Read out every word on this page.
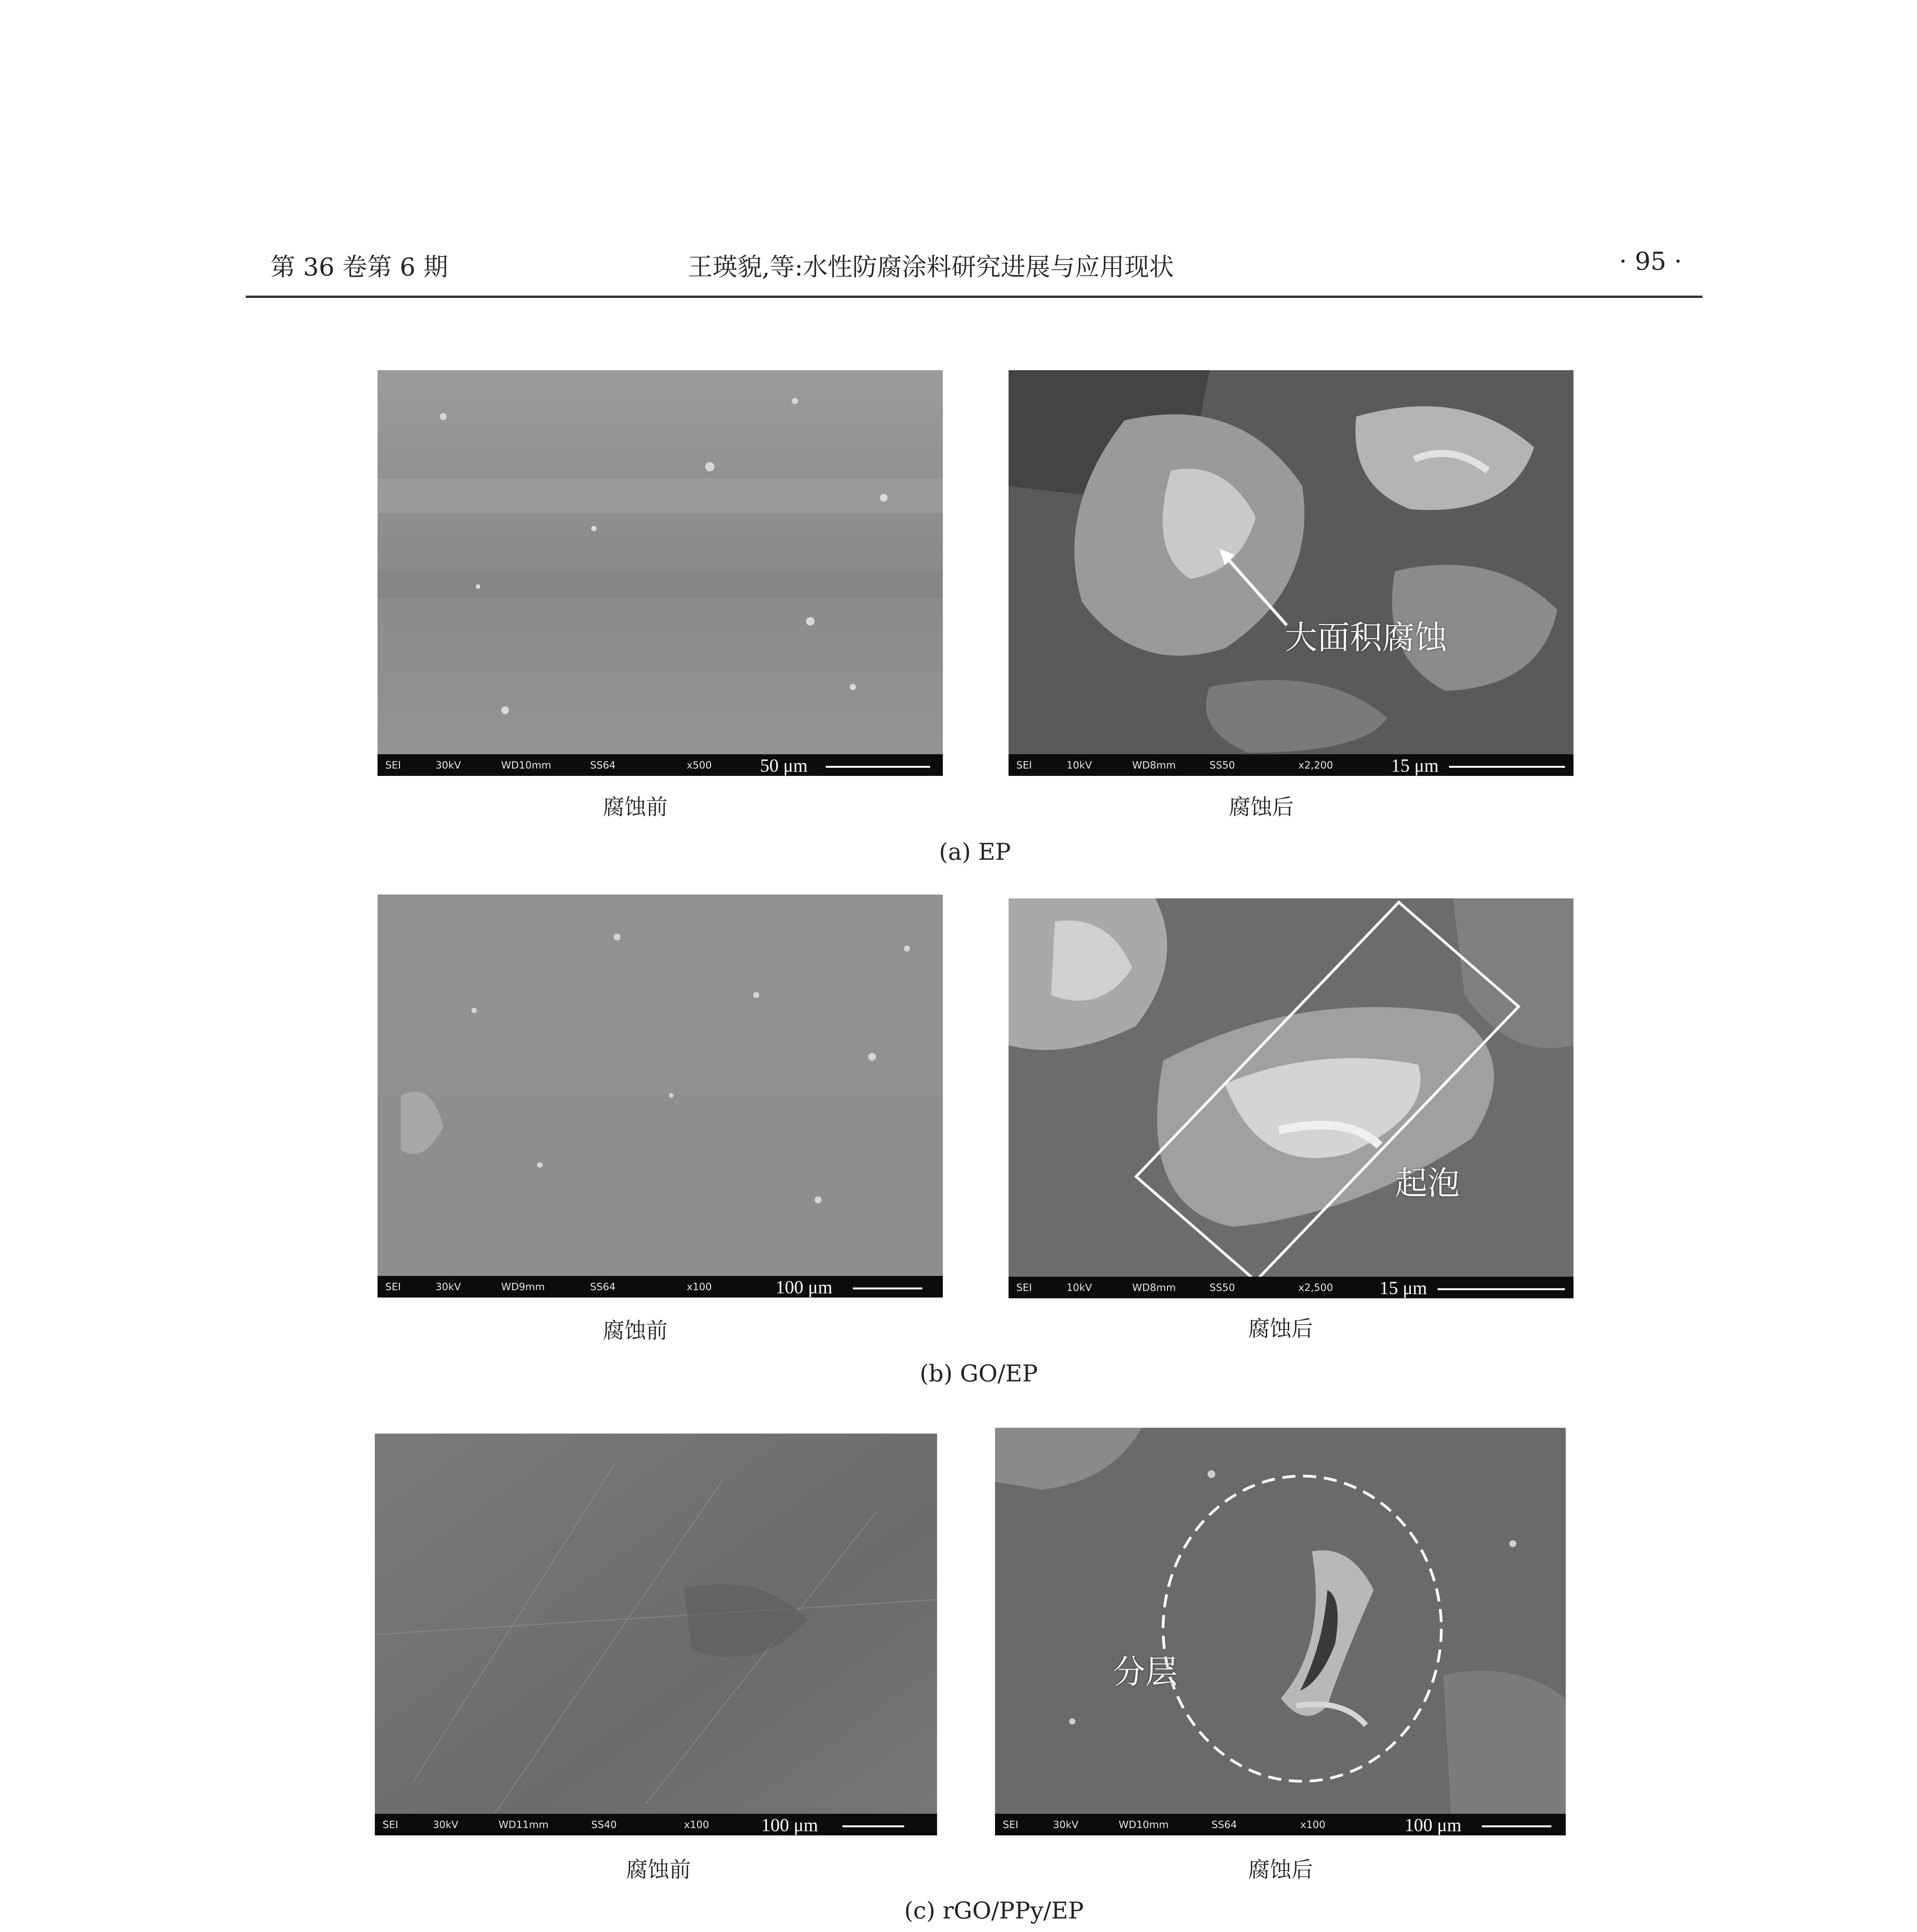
第 36 卷第 6 期	王瑛貌,等:水性防腐涂料研究进展与应用现状	· 95 ·
SEI	30kV	WD10mm	SS64	x500	50 μm
大面积腐蚀
SEI	10kV	WD8mm	SS50	x2,200	15 μm
腐蚀前	腐蚀后
(a) EP
SEI	30kV	WD9mm	SS64	x100	100 μm
起泡
SEI	10kV	WD8mm	SS50	x2,500	15 μm
腐蚀前	腐蚀后
(b) GO/EP
SEI	30kV	WD11mm	SS40	x100	100 μm
分层
SEI	30kV	WD10mm	SS64	x100	100 μm
腐蚀前	腐蚀后
(c) rGO/PPy/EP
